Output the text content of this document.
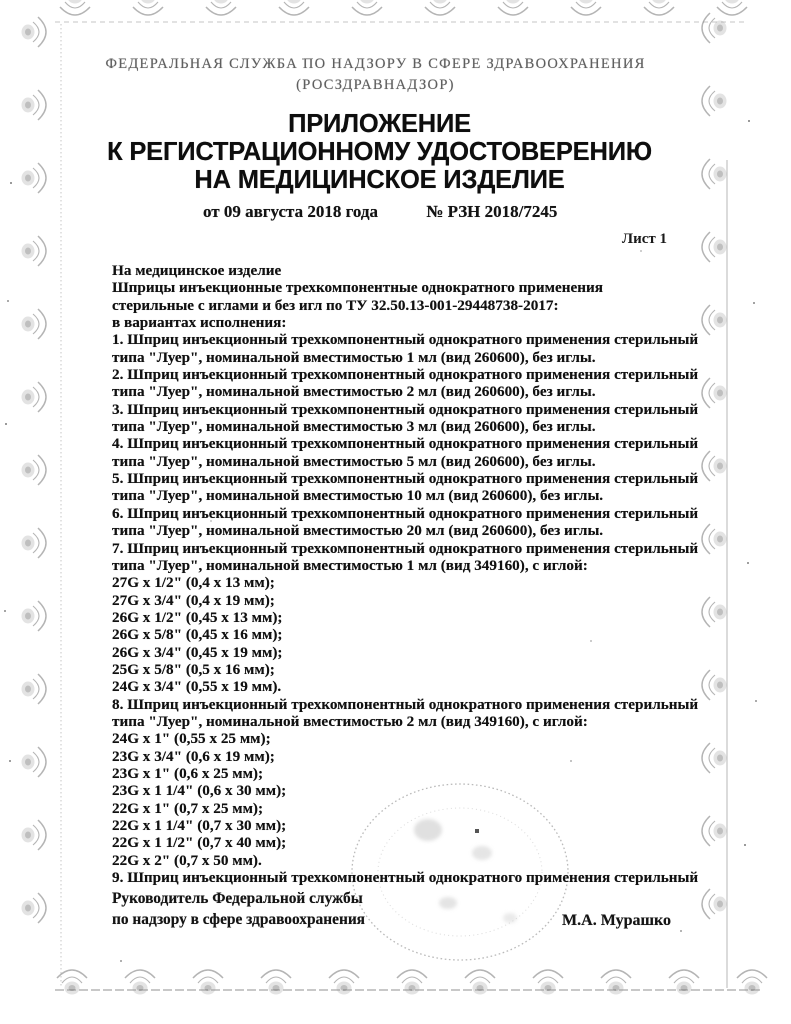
ФЕДЕРАЛЬНАЯ СЛУЖБА ПО НАДЗОРУ В СФЕРЕ ЗДРАВООХРАНЕНИЯ
(РОСЗДРАВНАДЗОР)
ПРИЛОЖЕНИЕ
К РЕГИСТРАЦИОННОМУ УДОСТОВЕРЕНИЮ
НА МЕДИЦИНСКОЕ ИЗДЕЛИЕ
от 09 августа 2018 года	№ РЗН 2018/7245
Лист 1
На медицинское изделие
Шприцы инъекционные трехкомпонентные однократного применения
стерильные с иглами и без игл по ТУ 32.50.13-001-29448738-2017:
в вариантах исполнения:
1. Шприц инъекционный трехкомпонентный однократного применения стерильный
типа "Луер", номинальной вместимостью 1 мл (вид 260600), без иглы.
2. Шприц инъекционный трехкомпонентный однократного применения стерильный
типа "Луер", номинальной вместимостью 2 мл (вид 260600), без иглы.
3. Шприц инъекционный трехкомпонентный однократного применения стерильный
типа "Луер", номинальной вместимостью 3 мл (вид 260600), без иглы.
4. Шприц инъекционный трехкомпонентный однократного применения стерильный
типа "Луер", номинальной вместимостью 5 мл (вид 260600), без иглы.
5. Шприц инъекционный трехкомпонентный однократного применения стерильный
типа "Луер", номинальной вместимостью 10 мл (вид 260600), без иглы.
6. Шприц инъекционный трехкомпонентный однократного применения стерильный
типа "Луер", номинальной вместимостью 20 мл (вид 260600), без иглы.
7. Шприц инъекционный трехкомпонентный однократного применения стерильный
типа "Луер", номинальной вместимостью 1 мл (вид 349160), с иглой:
27G x 1/2" (0,4 x 13 мм);
27G x 3/4" (0,4 x 19 мм);
26G x 1/2" (0,45 x 13 мм);
26G x 5/8" (0,45 x 16 мм);
26G x 3/4" (0,45 x 19 мм);
25G x 5/8" (0,5 x 16 мм);
24G x 3/4" (0,55 x 19 мм).
8. Шприц инъекционный трехкомпонентный однократного применения стерильный
типа "Луер", номинальной вместимостью 2 мл (вид 349160), с иглой:
24G x 1" (0,55 x 25 мм);
23G x 3/4" (0,6 x 19 мм);
23G x 1" (0,6 x 25 мм);
23G x 1 1/4" (0,6 x 30 мм);
22G x 1" (0,7 x 25 мм);
22G x 1 1/4" (0,7 x 30 мм);
22G x 1 1/2" (0,7 x 40 мм);
22G x 2" (0,7 x 50 мм).
9. Шприц инъекционный трехкомпонентный однократного применения стерильный
Руководитель Федеральной службы
по надзору в сфере здравоохранения	М.А. Мурашко
